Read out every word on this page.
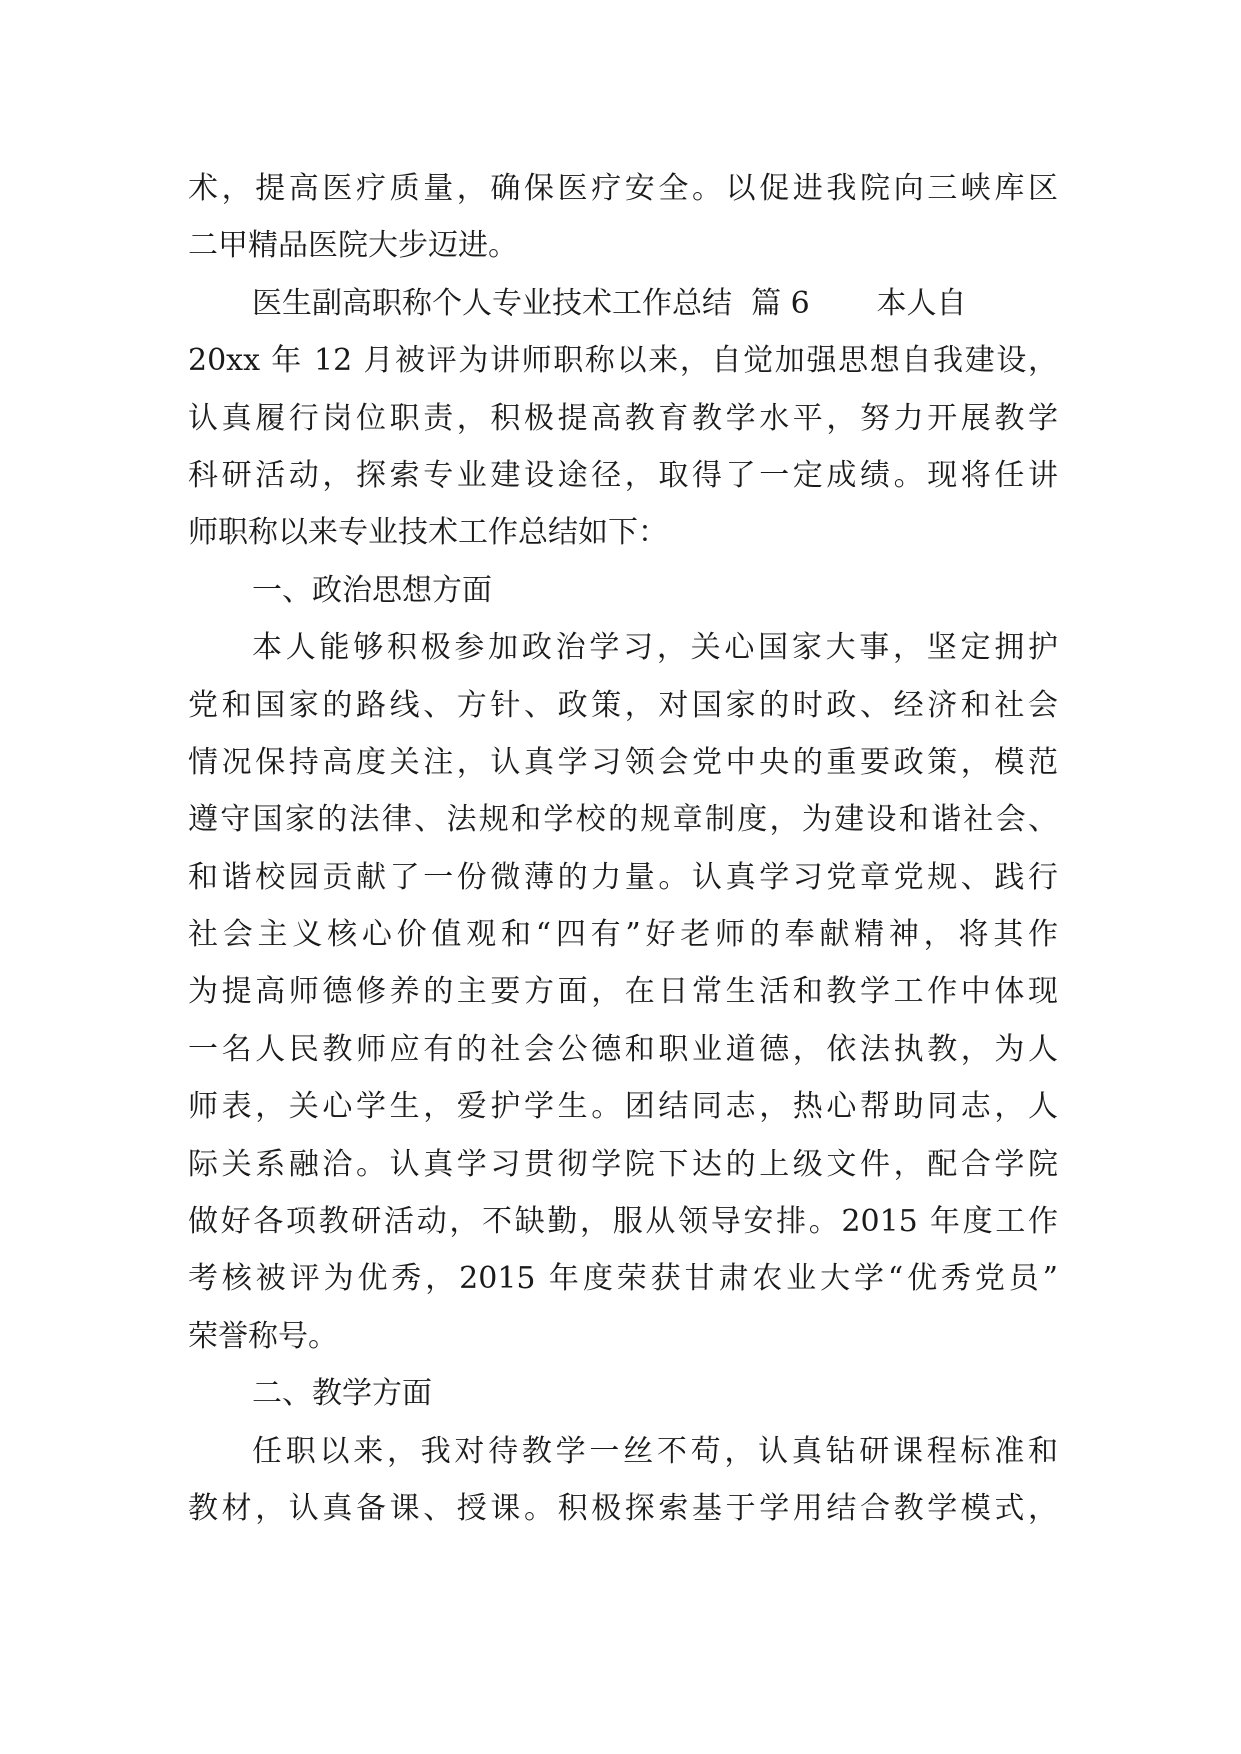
术，提高医疗质量，确保医疗安全。以促进我院向三峡库区
二甲精品医院大步迈进。
医生副高职称个人专业技术工作总结  篇 6       本人自
20xx 年 12 月被评为讲师职称以来，自觉加强思想自我建设，
认真履行岗位职责，积极提高教育教学水平，努力开展教学
科研活动，探索专业建设途径，取得了一定成绩。现将任讲
师职称以来专业技术工作总结如下：
一、政治思想方面
本人能够积极参加政治学习，关心国家大事，坚定拥护
党和国家的路线、方针、政策，对国家的时政、经济和社会
情况保持高度关注，认真学习领会党中央的重要政策，模范
遵守国家的法律、法规和学校的规章制度，为建设和谐社会、
和谐校园贡献了一份微薄的力量。认真学习党章党规、践行
社会主义核心价值观和“四有”好老师的奉献精神，将其作
为提高师德修养的主要方面，在日常生活和教学工作中体现
一名人民教师应有的社会公德和职业道德，依法执教，为人
师表，关心学生，爱护学生。团结同志，热心帮助同志，人
际关系融洽。认真学习贯彻学院下达的上级文件，配合学院
做好各项教研活动，不缺勤，服从领导安排。2015 年度工作
考核被评为优秀，2015 年度荣获甘肃农业大学“优秀党员”
荣誉称号。
二、教学方面
任职以来，我对待教学一丝不苟，认真钻研课程标准和
教材，认真备课、授课。积极探索基于学用结合教学模式，
